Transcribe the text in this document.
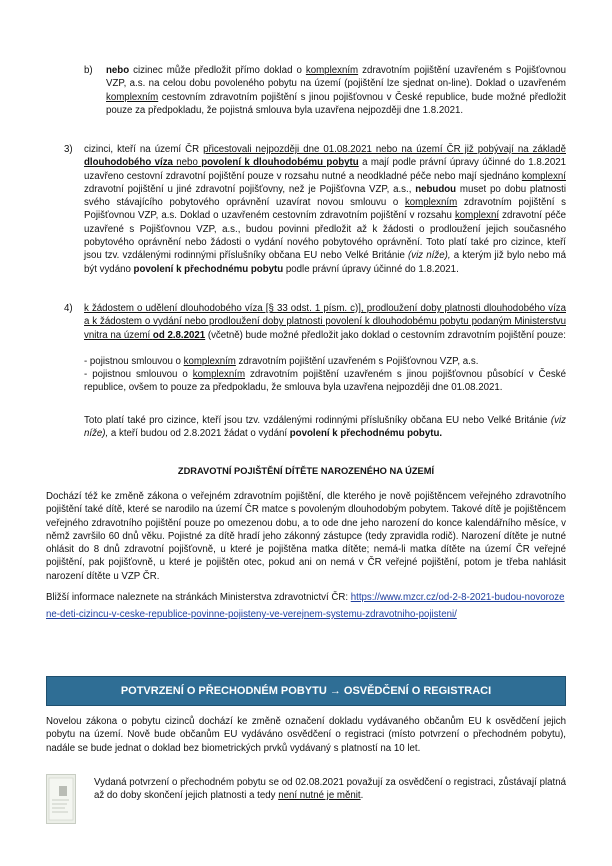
b) nebo cizinec může předložit přímo doklad o komplexním zdravotním pojištění uzavřeném s Pojišťovnou VZP, a.s. na celou dobu povoleného pobytu na území (pojištění lze sjednat on-line). Doklad o uzavřeném komplexním cestovním zdravotním pojištění s jinou pojišťovnou v České republice, bude možné předložit pouze za předpokladu, že pojistná smlouva byla uzavřena nejpozději dne 1.8.2021.

3) cizinci, kteří na území ČR přicestovali nejpozději dne 01.08.2021 nebo na území ČR již pobývají na základě dlouhodobého víza nebo povolení k dlouhodobému pobytu a mají podle právní úpravy účinné do 1.8.2021 uzavřeno cestovní zdravotní pojištění pouze v rozsahu nutné a neodkladné péče nebo mají sjednáno komplexní zdravotní pojištění u jiné zdravotní pojišťovny, než je Pojišťovna VZP, a.s., nebudou muset po dobu platnosti svého stávajícího pobytového oprávnění uzavírat novou smlouvu o komplexním zdravotním pojištění s Pojišťovnou VZP, a.s. Doklad o uzavřeném cestovním zdravotním pojištění v rozsahu komplexní zdravotní péče uzavřené s Pojišťovnou VZP, a.s., budou povinni předložit až k žádosti o prodloužení jejich současného pobytového oprávnění nebo žádosti o vydání nového pobytového oprávnění. Toto platí také pro cizince, kteří jsou tzv. vzdálenými rodinnými příslušníky občana EU nebo Velké Británie (viz níže), a kterým již bylo nebo má být vydáno povolení k přechodnému pobytu podle právní úpravy účinné do 1.8.2021.

4) k žádostem o udělení dlouhodobého víza [§ 33 odst. 1 písm. c)], prodloužení doby platnosti dlouhodobého víza a k žádostem o vydání nebo prodloužení doby platnosti povolení k dlouhodobému pobytu podaným Ministerstvu vnitra na území od 2.8.2021 (včetně) bude možné předložit jako doklad o cestovním zdravotním pojištění pouze:

- pojistnou smlouvou o komplexním zdravotním pojištění uzavřeném s Pojišťovnou VZP, a.s.

- pojistnou smlouvou o komplexním zdravotním pojištění uzavřeném s jinou pojišťovnou působící v České republice, ovšem to pouze za předpokladu, že smlouva byla uzavřena nejpozději dne 01.08.2021.

Toto platí také pro cizince, kteří jsou tzv. vzdálenými rodinnými příslušníky občana EU nebo Velké Británie (viz níže), a kteří budou od 2.8.2021 žádat o vydání povolení k přechodnému pobytu.

ZDRAVOTNÍ POJIŠTĚNÍ DÍTĚTE NAROZENÉHO NA ÚZEMÍ

Dochází též ke změně zákona o veřejném zdravotním pojištění, dle kterého je nově pojištěncem veřejného zdravotního pojištění také dítě, které se narodilo na území ČR matce s povoleným dlouhodobým pobytem. Takové dítě je pojištěncem veřejného zdravotního pojištění pouze po omezenou dobu, a to ode dne jeho narození do konce kalendářního měsíce, v němž završilo 60 dnů věku. Pojistné za dítě hradí jeho zákonný zástupce (tedy zpravidla rodič). Narození dítěte je nutné ohlásit do 8 dnů zdravotní pojišťovně, u které je pojištěna matka dítěte; nemá-li matka dítěte na území ČR veřejné pojištění, pak pojišťovně, u které je pojištěn otec, pokud ani on nemá v ČR veřejné pojištění, potom je třeba nahlásit narození dítěte u VZP ČR.

Bližší informace naleznete na stránkách Ministerstva zdravotnictví ČR: https://www.mzcr.cz/od-2-8-2021-budou-novorozene-deti-cizincu-v-ceske-republice-povinne-pojisteny-ve-verejnem-systemu-zdravotniho-pojisteni/

POTVRZENÍ O PŘECHODNÉM POBYTU → OSVĚDČENÍ O REGISTRACI

Novelou zákona o pobytu cizinců dochází ke změně označení dokladu vydávaného občanům EU k osvědčení jejich pobytu na území. Nově bude občanům EU vydáváno osvědčení o registraci (místo potvrzení o přechodném pobytu), nadále se bude jednat o doklad bez biometrických prvků vydávaný s platností na 10 let.

Vydaná potvrzení o přechodném pobytu se od 02.08.2021 považují za osvědčení o registraci, zůstávají platná až do doby skončení jejich platnosti a tedy není nutné je měnit.
